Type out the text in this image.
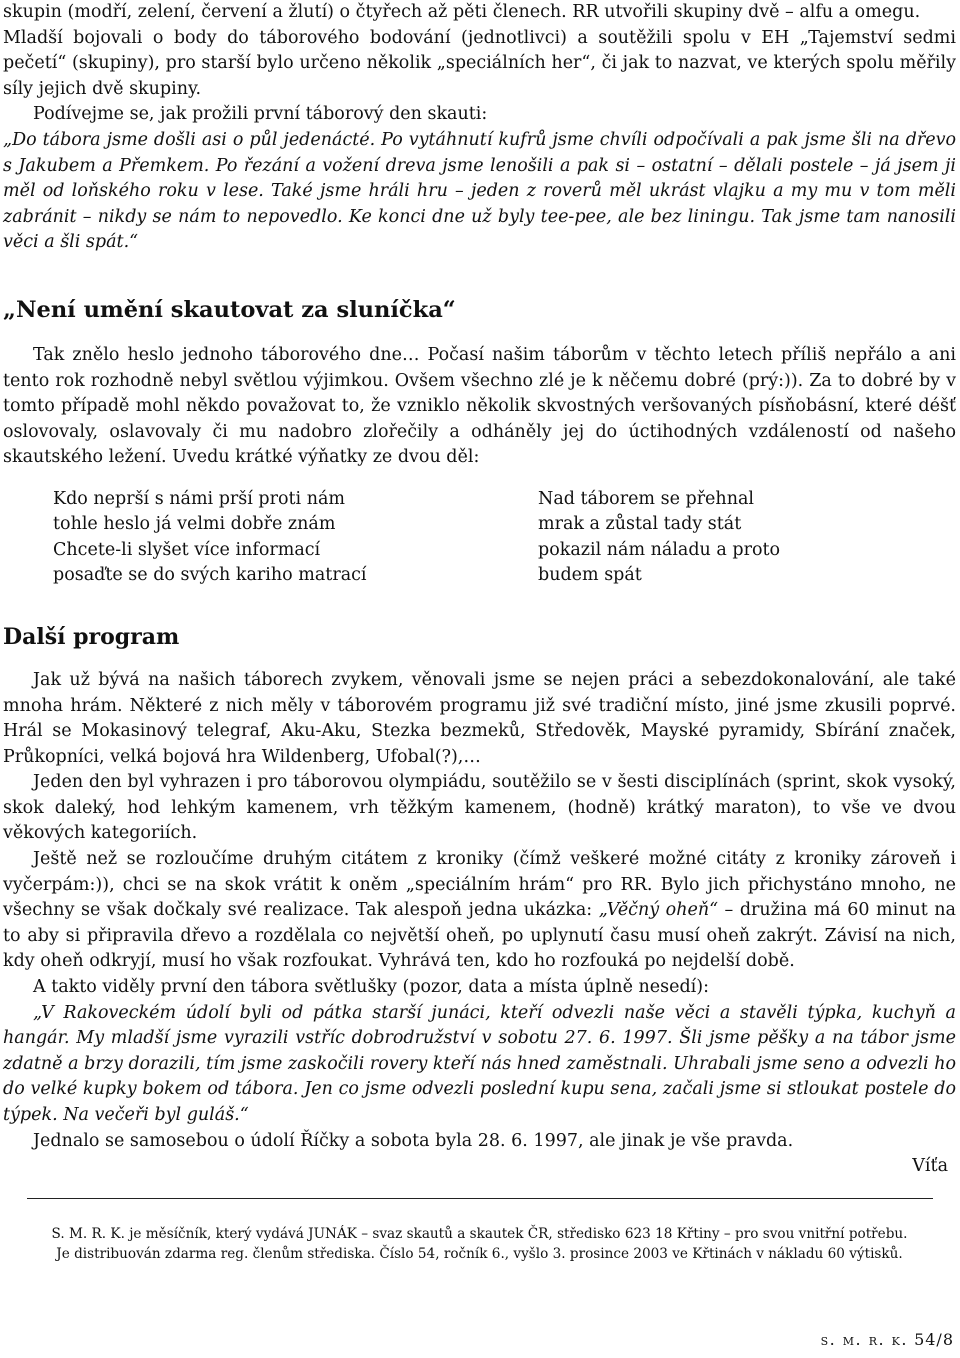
skupin (modří, zelení, červení a žlutí) o čtyřech až pěti členech. RR utvořili skupiny dvě – alfu a omegu.

Mladší bojovali o body do táborového bodování (jednotlivci) a soutěžili spolu v EH „Tajemství sedmi pečetí“ (skupiny), pro starší bylo určeno několik „speciálních her“, či jak to nazvat, ve kterých spolu měřily síly jejich dvě skupiny.

Podívejme se, jak prožili první táborový den skauti:

„Do tábora jsme došli asi o půl jedenácté. Po vytáhnutí kufrů jsme chvíli odpočívali a pak jsme šli na dřevo s Jakubem a Přemkem. Po řezání a vožení dreva jsme lenošili a pak si – ostatní – dělali postele – já jsem ji měl od loňského roku v lese. Také jsme hráli hru – jeden z roverů měl ukrást vlajku a my mu v tom měli zabránit – nikdy se nám to nepovedlo. Ke konci dne už byly tee-pee, ale bez liningu. Tak jsme tam nanosili věci a šli spát.“

„Není umění skautovat za sluníčka“

Tak znělo heslo jednoho táborového dne… Počasí našim táborům v těchto letech příliš nepřálo a ani tento rok rozhodně nebyl světlou výjimkou. Ovšem všechno zlé je k něčemu dobré (prý:)). Za to dobré by v tomto případě mohl někdo považovat to, že vzniklo několik skvostných veršovaných písňobásní, které déšť oslovovaly, oslavovaly či mu nadobro zlořečily a odháněly jej do úctihodných vzdáleností od našeho skautského ležení. Uvedu krátké výňatky ze dvou děl:

Kdo neprší s námi prší proti nám
tohle heslo já velmi dobře znám
Chcete-li slyšet více informací
posaďte se do svých kariho matrací
Nad táborem se přehnal
mrak a zůstal tady stát
pokazil nám náladu a proto
budem spát
Další program

Jak už bývá na našich táborech zvykem, věnovali jsme se nejen práci a sebezdokonalování, ale také mnoha hrám. Některé z nich měly v táborovém programu již své tradiční místo, jiné jsme zkusili poprvé. Hrál se Mokasinový telegraf, Aku-Aku, Stezka bezmeků, Středověk, Mayské pyramidy, Sbírání značek, Průkopníci, velká bojová hra Wildenberg, Ufobal(?),…

Jeden den byl vyhrazen i pro táborovou olympiádu, soutěžilo se v šesti disciplínách (sprint, skok vysoký, skok daleký, hod lehkým kamenem, vrh těžkým kamenem, (hodně) krátký maraton), to vše ve dvou věkových kategoriích.

Ještě než se rozloučíme druhým citátem z kroniky (čímž veškeré možné citáty z kroniky zároveň i vyčerpám:)), chci se na skok vrátit k oněm „speciálním hrám“ pro RR. Bylo jich přichystáno mnoho, ne všechny se však dočkaly své realizace. Tak alespoň jedna ukázka: „Věčný oheň“ – družina má 60 minut na to aby si připravila dřevo a rozdělala co největší oheň, po uplynutí času musí oheň zakrýt. Závisí na nich, kdy oheň odkryjí, musí ho však rozfoukat. Vyhrává ten, kdo ho rozfouká po nejdelší době.

A takto viděly první den tábora světlušky (pozor, data a místa úplně nesedí):

„V Rakoveckém údolí byli od pátka starší junáci, kteří odvezli naše věci a stavěli týpka, kuchyň a hangár. My mladší jsme vyrazili vstříc dobrodružství v sobotu 27. 6. 1997. Šli jsme pěšky a na tábor jsme zdatně a brzy dorazili, tím jsme zaskočili rovery kteří nás hned zaměstnali. Uhrabali jsme seno a odvezli ho do velké kupky bokem od tábora. Jen co jsme odvezli poslední kupu sena, začali jsme si stloukat postele do týpek. Na večeři byl guláš.“

Jednalo se samosebou o údolí Říčky a sobota byla 28. 6. 1997, ale jinak je vše pravda.

Víťa

S. M. R. K. je měsíčník, který vydává JUNÁK – svaz skautů a skautek ČR, středisko 623 18 Křtiny – pro svou vnitřní potřebu.
Je distribuován zdarma reg. členům střediska. Číslo 54, ročník 6., vyšlo 3. prosince 2003 ve Křtinách v nákladu 60 výtisků.
s. m. r. k. 54/8
